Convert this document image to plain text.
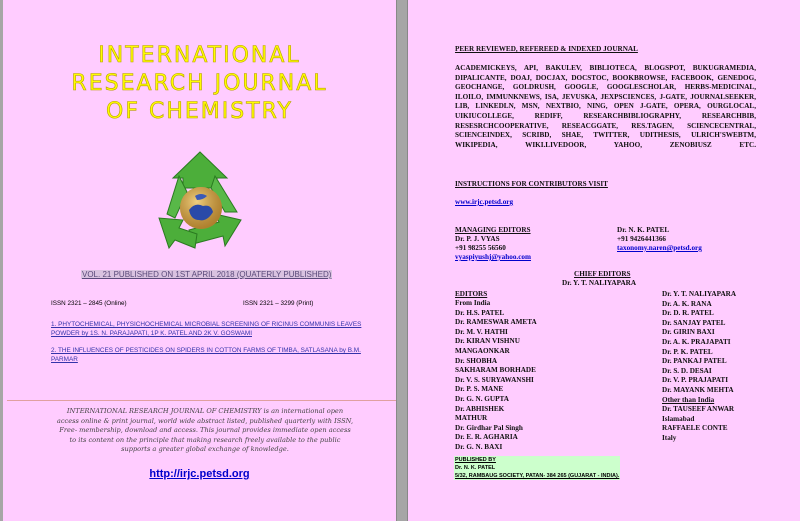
INTERNATIONAL
RESEARCH JOURNAL
OF CHEMISTRY
VOL. 21 PUBLISHED ON 1ST APRIL 2018 (QUATERLY PUBLISHED)
ISSN 2321 – 2845 (Online)	ISSN 2321 – 3299 (Print)
1. PHYTOCHEMICAL, PHYSICHOCHEMICAL MICROBIAL SCREENING OF RICINUS COMMUNIS LEAVES POWDER by 1S. N. PARAJAPATI, 1P K. PATEL AND 2K V. GOSWAMI
2. THE INFLUENCES OF PESTICIDES ON SPIDERS IN COTTON FARMS OF TIMBA, SATLASANA by B.M. PARMAR
INTERNATIONAL RESEARCH JOURNAL OF CHEMISTRY is an international open access online & print journal, world wide abstract listed, published quarterly with ISSN, Free- membership, download and access. This journal provides immediate open access to its content on the principle that making research freely available to the public supports a greater global exchange of knowledge.
http://irjc.petsd.org
PEER REVIEWED, REFEREED & INDEXED JOURNAL
ACADEMICKEYS, API, BAKULEV, BIBLIOTECA, BLOGSPOT, BUKUGRAMEDIA, DIPALICANTE, DOAJ, DOCJAX, DOCSTOC, BOOKBROWSE, FACEBOOK, GENEDOG, GEOCHANGE, GOLDRUSH, GOOGLE, GOOGLESCHOLAR, HERBS-MEDICINAL, ILOILO, IMMUNKNEWS, ISA, JEVUSKA, JEXPSCIENCES, J-GATE, JOURNALSEEKER, LIB, LINKEDLN, MSN, NEXTBIO, NING, OPEN J-GATE, OPERA, OURGLOCAL, UIKIUCOLLEGE, REDIFF, RESEARCHBIBLIOGRAPHY, RESEARCHBIB, RESESRCHCOOPERATIVE, RESEACGGATE, RES.TAGEN, SCIENCECENTRAL, SCIENCEINDEX, SCRIBD, SHAE, TWITTER, UDITHESIS, ULRICH'SWEBTM, WIKIPEDIA, WIKI.LIVEDOOR, YAHOO, ZENOBIUSZ ETC.
INSTRUCTIONS FOR CONTRIBUTORS VISIT
www.irjc.petsd.org
MANAGING EDITORS
Dr. P. J. VYAS
+91 98255 56560
vyaspiyushj@yahoo.com
Dr. N. K. PATEL
+91 9426441366
taxonomy.naren@petsd.org
CHIEF EDITORS
Dr. Y. T. NALIYAPARA
EDITORS
From India
Dr. H.S. PATEL
Dr. RAMESWAR AMETA
Dr. M. V. HATHI
Dr. KIRAN VISHNU
MANGAONKAR
Dr. SHOBHA
SAKHARAM BORHADE
Dr. V. S. SURYAWANSHI
Dr. P. S. MANE
Dr. G. N. GUPTA
Dr. ABHISHEK
MATHUR
Dr. Girdhar Pal Singh
Dr. E. R. AGHARIA
Dr. G. N. BAXI
Dr. Y. T. NALIYAPARA
Dr. A. K. RANA
Dr. D. R. PATEL
Dr. SANJAY PATEL
Dr. GIRIN BAXI
Dr. A. K. PRAJAPATI
Dr. P. K. PATEL
Dr. PANKAJ PATEL
Dr. S. D. DESAI
Dr. V. P. PRAJAPATI
Dr. MAYANK MEHTA
Other than India
Dr. TAUSEEF ANWAR
Islamabad
RAFFAELE CONTE
Italy
PUBLISHED BY
Dr. N. K. PATEL
5/32, RAMBAUG SOCIETY, PATAN- 384 265 (GUJARAT - INDIA).
